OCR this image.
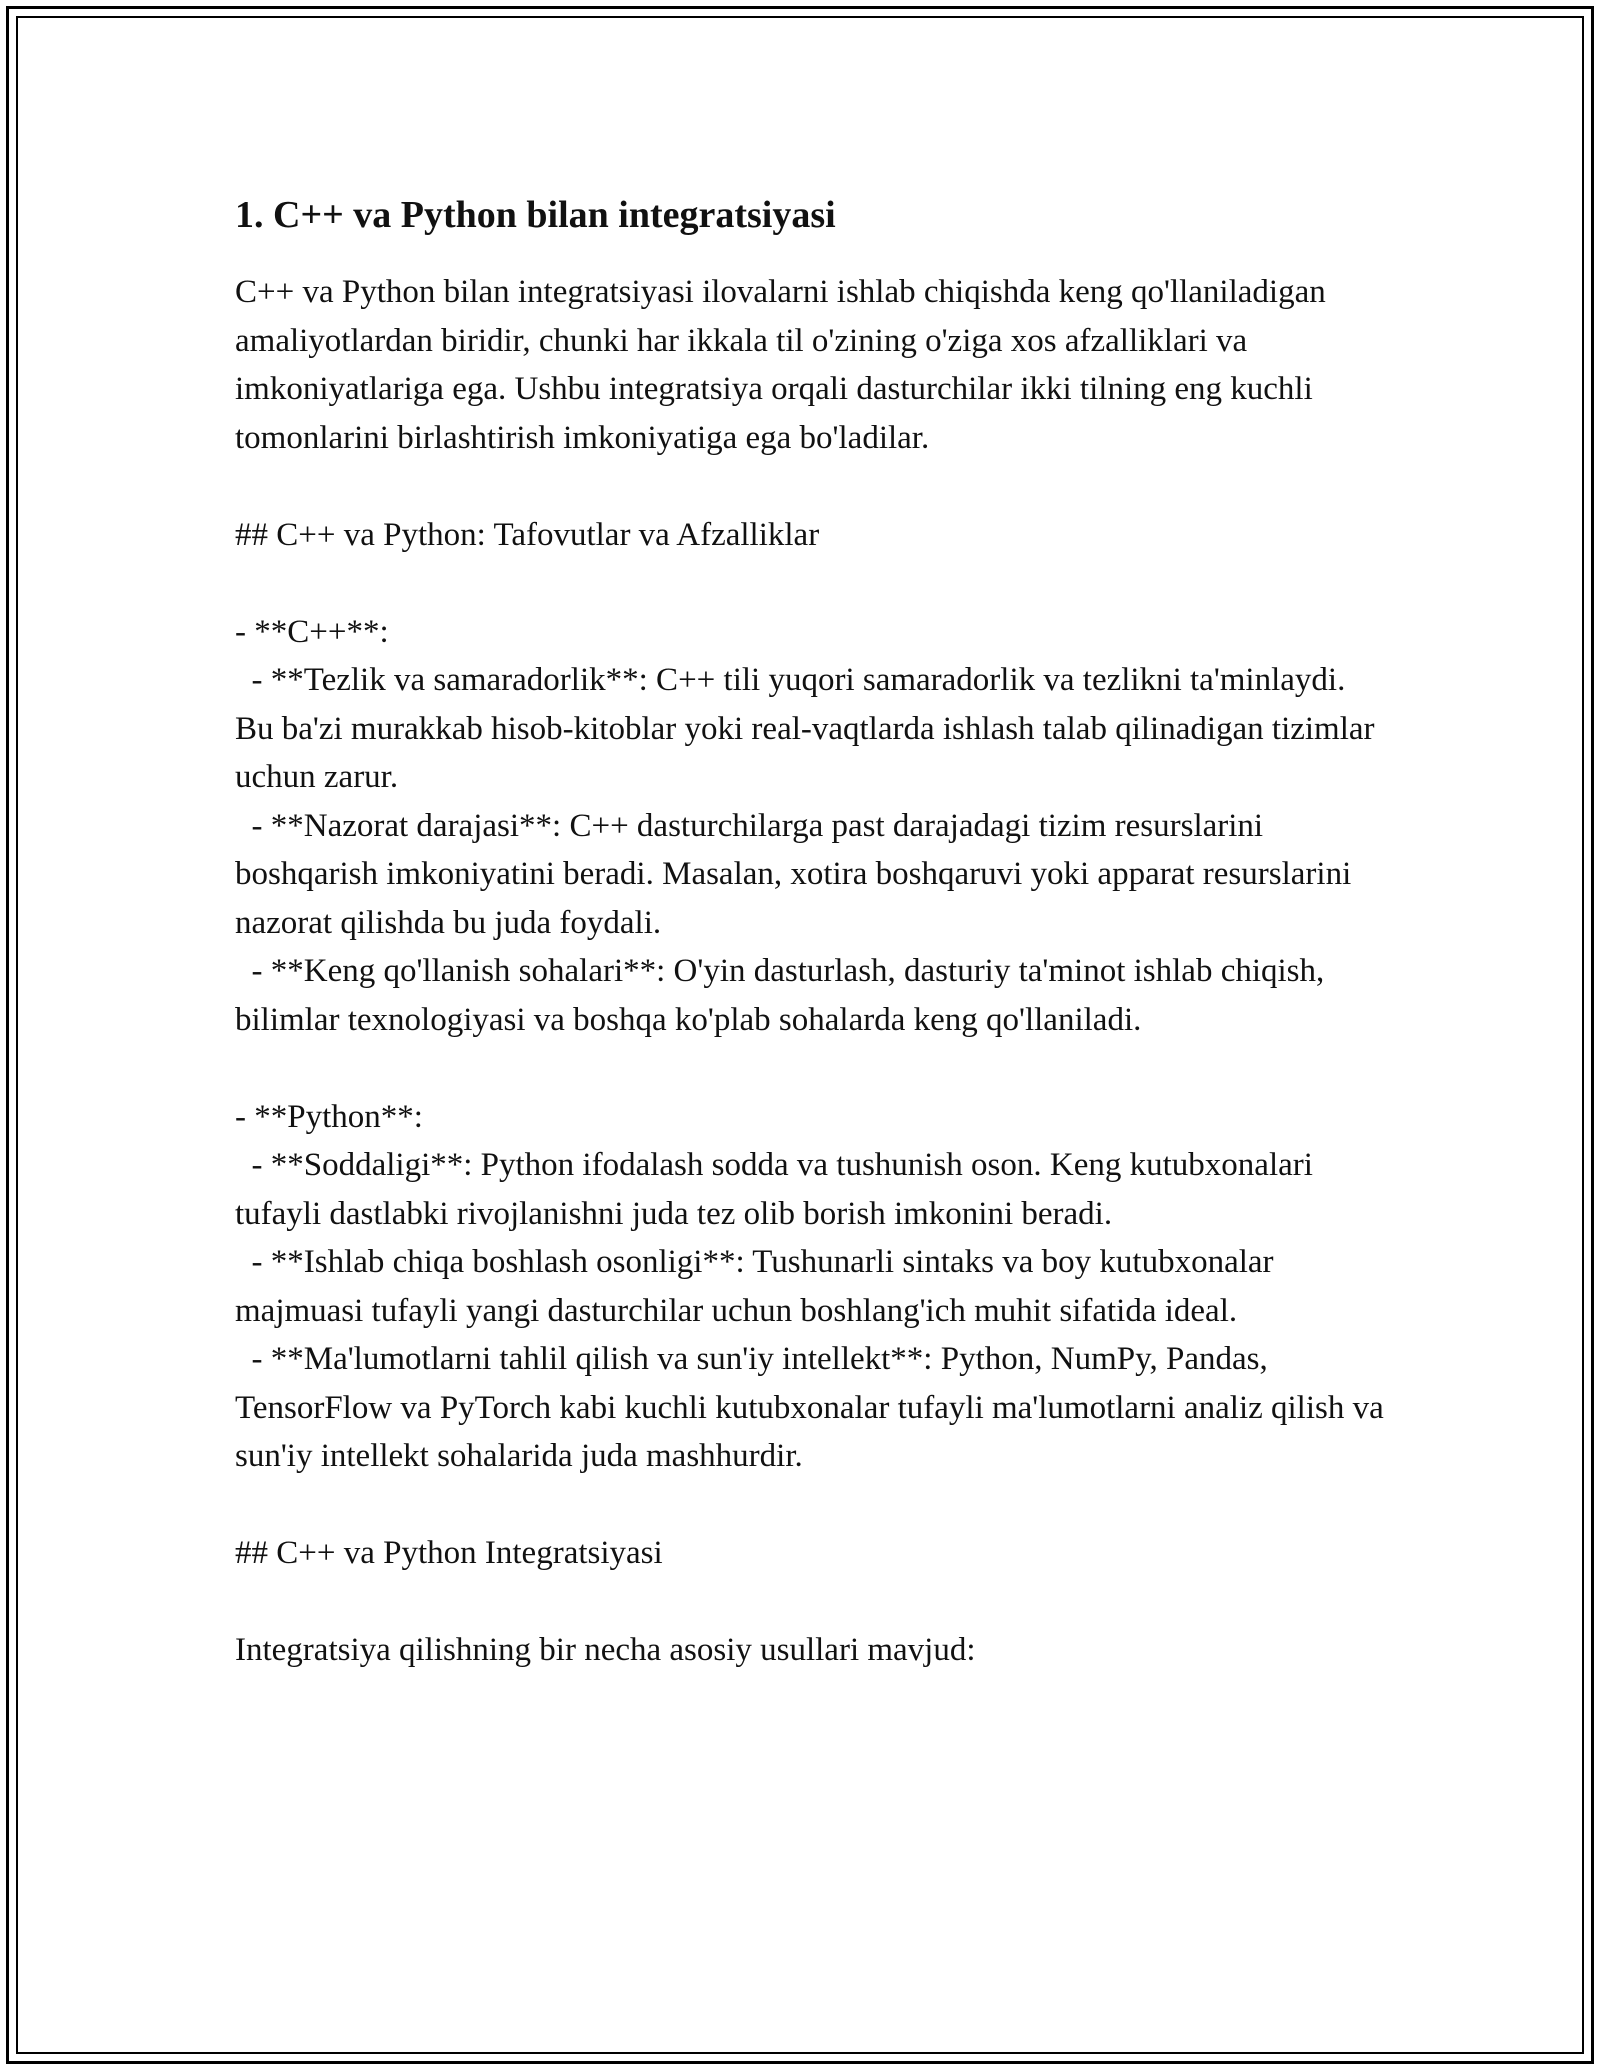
1. C++ va Python bilan integratsiyasi

C++ va Python bilan integratsiyasi ilovalarni ishlab chiqishda keng qo'llaniladigan amaliyotlardan biridir, chunki har ikkala til o'zining o'ziga xos afzalliklari va imkoniyatlariga ega. Ushbu integratsiya orqali dasturchilar ikki tilning eng kuchli tomonlarini birlashtirish imkoniyatiga ega bo'ladilar.

## C++ va Python: Tafovutlar va Afzalliklar

- **C++**:

- **Tezlik va samaradorlik**: C++ tili yuqori samaradorlik va tezlikni ta'minlaydi. Bu ba'zi murakkab hisob-kitoblar yoki real-vaqtlarda ishlash talab qilinadigan tizimlar uchun zarur.

- **Nazorat darajasi**: C++ dasturchilarga past darajadagi tizim resurslarini boshqarish imkoniyatini beradi. Masalan, xotira boshqaruvi yoki apparat resurslarini nazorat qilishda bu juda foydali.

- **Keng qo'llanish sohalari**: O'yin dasturlash, dasturiy ta'minot ishlab chiqish, bilimlar texnologiyasi va boshqa ko'plab sohalarda keng qo'llaniladi.

- **Python**:

- **Soddaligi**: Python ifodalash sodda va tushunish oson. Keng kutubxonalari tufayli dastlabki rivojlanishni juda tez olib borish imkonini beradi.

- **Ishlab chiqa boshlash osonligi**: Tushunarli sintaks va boy kutubxonalar majmuasi tufayli yangi dasturchilar uchun boshlang'ich muhit sifatida ideal.

- **Ma'lumotlarni tahlil qilish va sun'iy intellekt**: Python, NumPy, Pandas, TensorFlow va PyTorch kabi kuchli kutubxonalar tufayli ma'lumotlarni analiz qilish va sun'iy intellekt sohalarida juda mashhurdir.

## C++ va Python Integratsiyasi

Integratsiya qilishning bir necha asosiy usullari mavjud:
